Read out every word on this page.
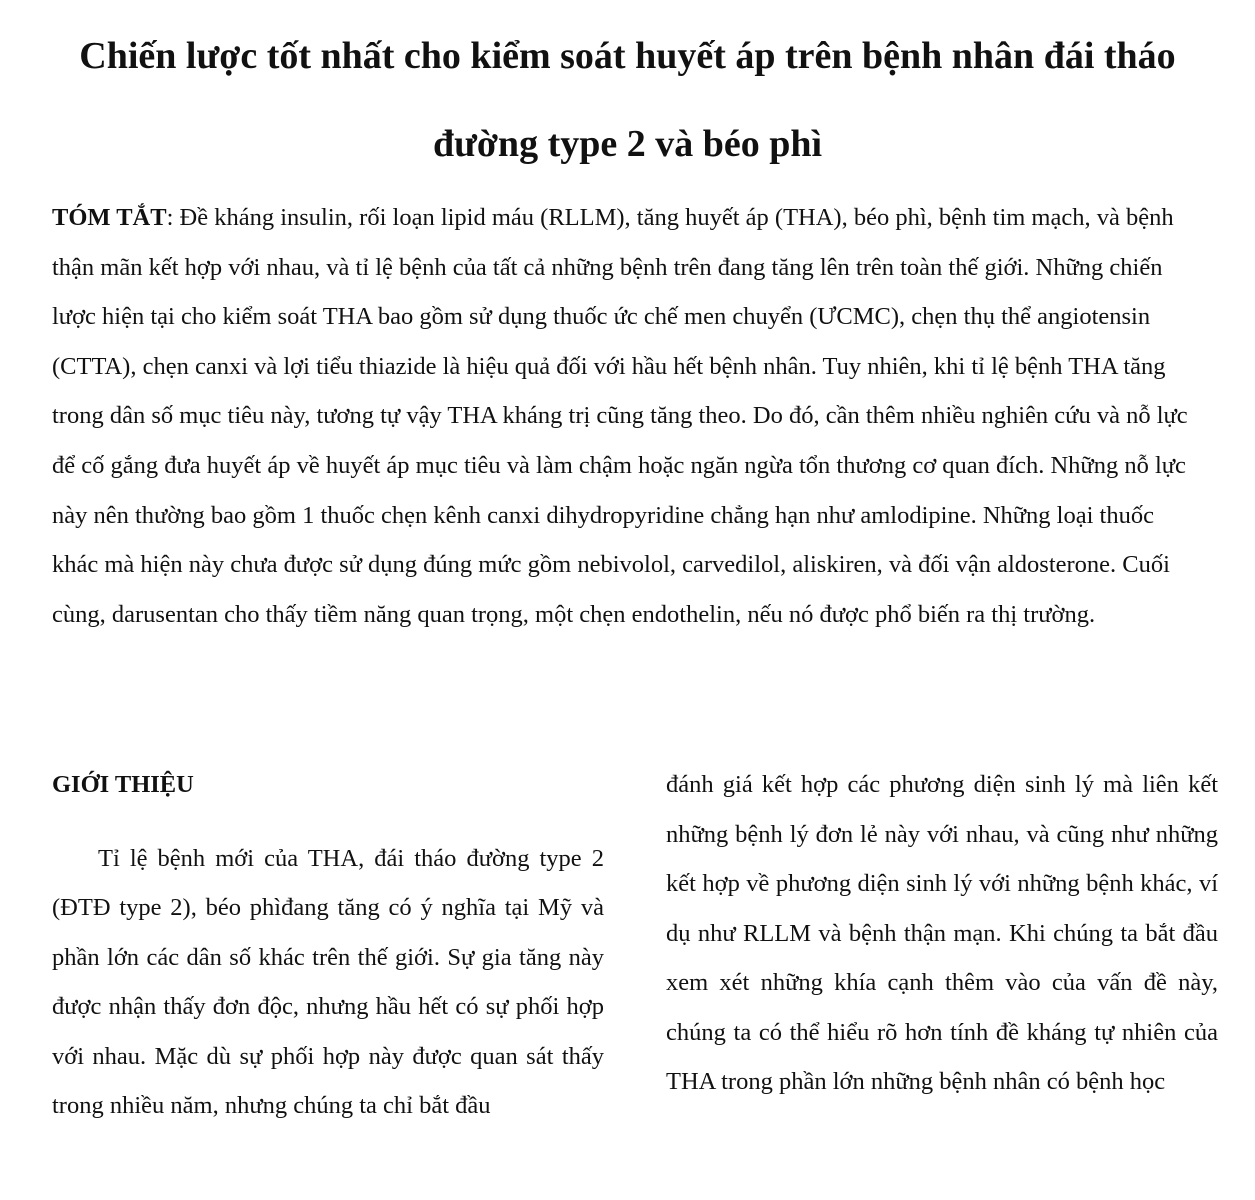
Chiến lược tốt nhất cho kiểm soát huyết áp trên bệnh nhân đái tháo đường type 2 và béo phì

TÓM TẮT: Đề kháng insulin, rối loạn lipid máu (RLLM), tăng huyết áp (THA), béo phì, bệnh tim mạch, và bệnh thận mãn kết hợp với nhau, và tỉ lệ bệnh của tất cả những bệnh trên đang tăng lên trên toàn thế giới. Những chiến lược hiện tại cho kiểm soát THA bao gồm sử dụng thuốc ức chế men chuyển (ƯCMC), chẹn thụ thể angiotensin (CTTA), chẹn canxi và lợi tiểu thiazide là hiệu quả đối với hầu hết bệnh nhân. Tuy nhiên, khi tỉ lệ bệnh THA tăng trong dân số mục tiêu này, tương tự vậy THA kháng trị cũng tăng theo. Do đó, cần thêm nhiều nghiên cứu và nỗ lực để cố gắng đưa huyết áp về huyết áp mục tiêu và làm chậm hoặc ngăn ngừa tổn thương cơ quan đích. Những nỗ lực này nên thường bao gồm 1 thuốc chẹn kênh canxi dihydropyridine chẳng hạn như amlodipine. Những loại thuốc khác mà hiện này chưa được sử dụng đúng mức gồm nebivolol, carvedilol, aliskiren, và đối vận aldosterone. Cuối cùng, darusentan cho thấy tiềm năng quan trọng, một chẹn endothelin, nếu nó được phổ biến ra thị trường.

GIỚI THIỆU

Tỉ lệ bệnh mới của THA, đái tháo đường type 2 (ĐTĐ type 2), béo phìđang tăng có ý nghĩa tại Mỹ và phần lớn các dân số khác trên thế giới. Sự gia tăng này được nhận thấy đơn độc, nhưng hầu hết có sự phối hợp với nhau. Mặc dù sự phối hợp này được quan sát thấy trong nhiều năm, nhưng chúng ta chỉ bắt đầu

đánh giá kết hợp các phương diện sinh lý mà liên kết những bệnh lý đơn lẻ này với nhau, và cũng như những kết hợp về phương diện sinh lý với những bệnh khác, ví dụ như RLLM và bệnh thận mạn. Khi chúng ta bắt đầu xem xét những khía cạnh thêm vào của vấn đề này, chúng ta có thể hiểu rõ hơn tính đề kháng tự nhiên của THA trong phần lớn những bệnh nhân có bệnh học
